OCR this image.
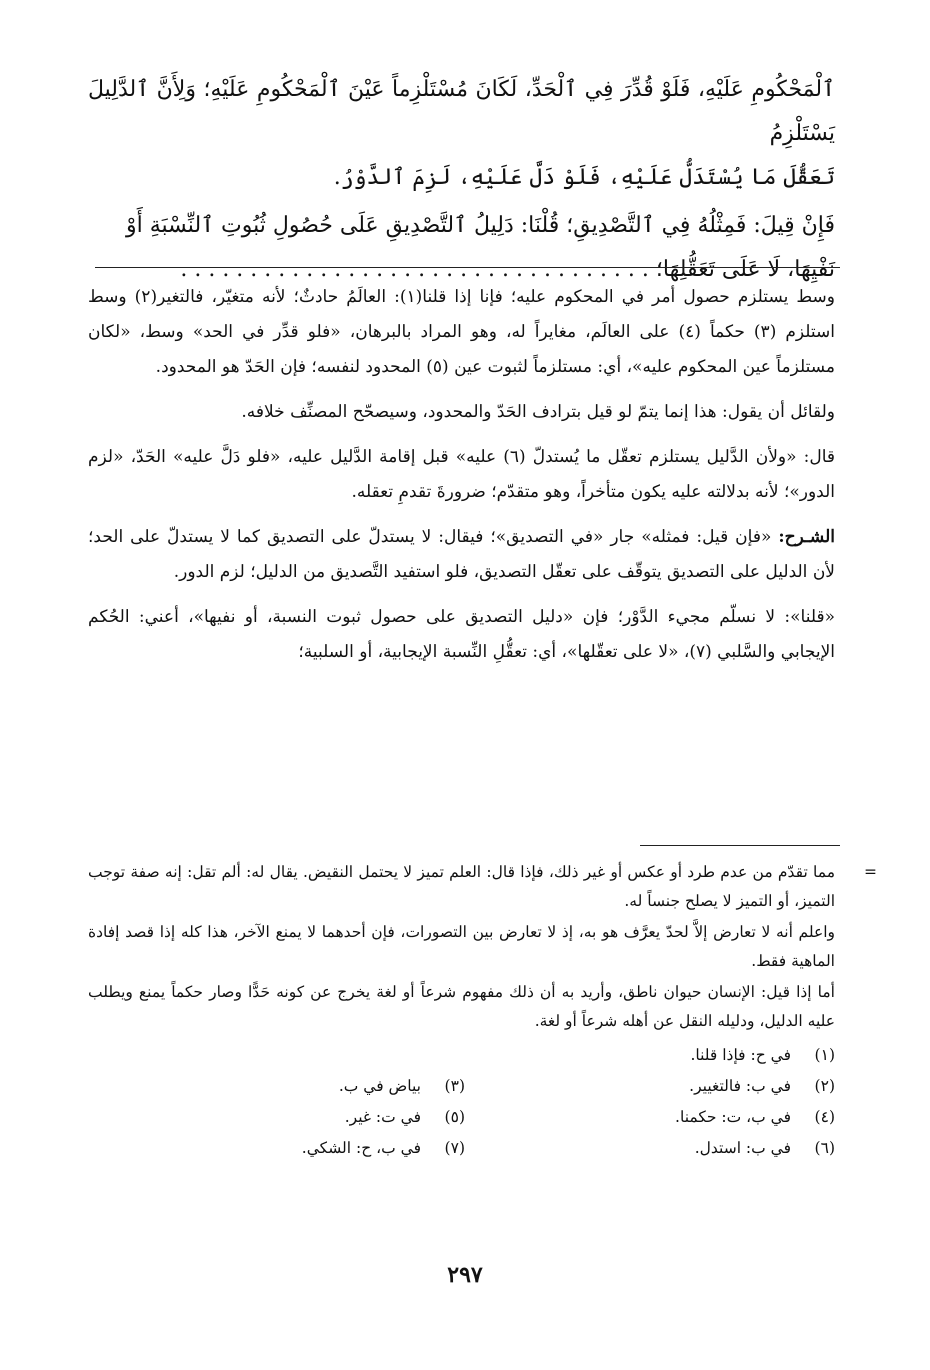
ٱلْمَحْكُومِ عَلَيْهِ، فَلَوْ قُدِّرَ فِي ٱلْحَدِّ، لَكَانَ مُسْتَلْزِماً عَيْنَ ٱلْمَحْكُومِ عَلَيْهِ؛ وَلِأَنَّ ٱلدَّلِيلَ يَسْتَلْزِمُ
تَعَقُّلَ مَا يُسْتَدَلُّ عَلَيْهِ، فَلَوْ دَلَّ عَلَيْهِ، لَزِمَ ٱلدَّوْرُ.
فَإِنْ قِيلَ: فَمِثْلُهُ فِي ٱلتَّصْدِيقِ؛ قُلْنَا: دَلِيلُ ٱلتَّصْدِيقِ عَلَى حُصُولِ ثُبُوتِ ٱلنِّسْبَةِ أَوْ
نَفْيِهَا، لَا عَلَى تَعَقُّلِهَا؛ . . . . . . . . . . . . . . . . . . . . . . . . . . . . . . . . . .

وسط يستلزم حصول أمر في المحكوم عليه؛ فإنا إذا قلنا(١): العالَمُ حادثٌ؛ لأنه متغيّر، فالتغير(٢) وسط استلزم (٣) حكماً (٤) على العالَم، مغايراً له، وهو المراد بالبرهان، «فلو قدِّر في الحد» وسط، «لكان مستلزماً عين المحكوم عليه»، أي: مستلزماً لثبوت عين (٥) المحدود لنفسه؛ فإن الحَدّ هو المحدود.

ولقائل أن يقول: هذا إنما يتمّ لو قيل بترادف الحَدّ والمحدود، وسيصحّح المصنِّف خلافه.

قال: «ولأن الدَّليل يستلزم تعقّل ما يُستدلّ (٦) عليه» قبل إقامة الدَّليل عليه، «فلو دَلَّ عليه» الحَدّ، «لزم الدور»؛ لأنه بدلالته عليه يكون متأخراً، وهو متقدّم؛ ضرورةَ تقدمِ تعقله.

الشـرح: «فإن قيل: فمثله» جار «في التصديق»؛ فيقال: لا يستدلّ على التصديق كما لا يستدلّ على الحد؛ لأن الدليل على التصديق يتوقّف على تعقّل التصديق، فلو استفيد التَّصديق من الدليل؛ لزم الدور.

«قلنا»: لا نسلّم مجيء الدَّوْر؛ فإن «دليل التصديق على حصول ثبوت النسبة، أو نفيها»، أعني: الحُكم الإيجابي والسَّلبي (٧)، «لا على تعقّلها»، أي: تعقُّلِ النِّسبة الإيجابية، أو السلبية؛

=
مما تقدّم من عدم طرد أو عكس أو غير ذلك، فإذا قال: العلم تميز لا يحتمل النقيض. يقال له: ألم تقل: إنه صفة توجب التميز، أو التميز لا يصلح جنساً له.
واعلم أنه لا تعارض إلاَّ لحدّ يعرَّف هو به، إذ لا تعارض بين التصورات، فإن أحدهما لا يمنع الآخر، هذا كله إذا قصد إفادة الماهية فقط.
أما إذا قيل: الإنسان حيوان ناطق، وأريد به أن ذلك مفهوم شرعاً أو لغة يخرج عن كونه حَدًّا وصار حكماً يمنع ويطلب عليه الدليل، ودليله النقل عن أهله شرعاً أو لغة.
(١)
في ح: فإذا قلنا.
(٢)
في ب: فالتغيير.
(٣)
بياض في ب.
(٤)
في ب، ت: حكمنا.
(٥)
في ت: غير.
(٦)
في ب: استدل.
(٧)
في ب، ح: الشكي.
٢٩٧
